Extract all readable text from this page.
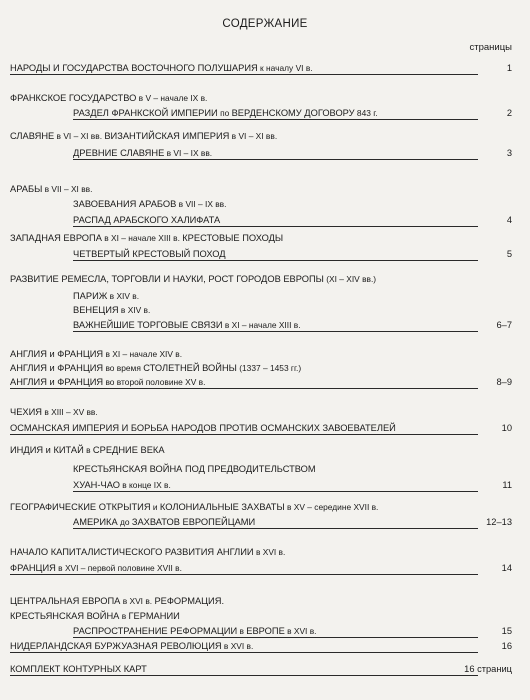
СОДЕРЖАНИЕ
страницы
НАРОДЫ И ГОСУДАРСТВА ВОСТОЧНОГО ПОЛУШАРИЯ к началу VI в.	1
ФРАНКСКОЕ ГОСУДАРСТВО в V – начале IX в.
РАЗДЕЛ ФРАНКСКОЙ ИМПЕРИИ по ВЕРДЕНСКОМУ ДОГОВОРУ 843 г.	2
СЛАВЯНЕ в VI – XI вв. ВИЗАНТИЙСКАЯ ИМПЕРИЯ в VI – XI вв.
ДРЕВНИЕ СЛАВЯНЕ в VI – IX вв.	3
АРАБЫ в VII – XI вв.
ЗАВОЕВАНИЯ АРАБОВ в VII – IX вв.
РАСПАД АРАБСКОГО ХАЛИФАТА	4
ЗАПАДНАЯ ЕВРОПА в XI – начале XIII в. КРЕСТОВЫЕ ПОХОДЫ
ЧЕТВЕРТЫЙ КРЕСТОВЫЙ ПОХОД	5
РАЗВИТИЕ РЕМЕСЛА, ТОРГОВЛИ И НАУКИ, РОСТ ГОРОДОВ ЕВРОПЫ (XI – XIV вв.)
ПАРИЖ в XIV в.
ВЕНЕЦИЯ в XIV в.
ВАЖНЕЙШИЕ ТОРГОВЫЕ СВЯЗИ в XI – начале XIII в.	6–7
АНГЛИЯ и ФРАНЦИЯ в XI – начале XIV в.
АНГЛИЯ и ФРАНЦИЯ во время СТОЛЕТНЕЙ ВОЙНЫ (1337 – 1453 гг.)
АНГЛИЯ и ФРАНЦИЯ во второй половине XV в.	8–9
ЧЕХИЯ в XIII – XV вв.
ОСМАНСКАЯ ИМПЕРИЯ И БОРЬБА НАРОДОВ ПРОТИВ ОСМАНСКИХ ЗАВОЕВАТЕЛЕЙ	10
ИНДИЯ и КИТАЙ в СРЕДНИЕ ВЕКА
КРЕСТЬЯНСКАЯ ВОЙНА ПОД ПРЕДВОДИТЕЛЬСТВОМ
ХУАН-ЧАО в конце IX в.	11
ГЕОГРАФИЧЕСКИЕ ОТКРЫТИЯ и КОЛОНИАЛЬНЫЕ ЗАХВАТЫ в XV – середине XVII в.
АМЕРИКА до ЗАХВАТОВ ЕВРОПЕЙЦАМИ	12–13
НАЧАЛО КАПИТАЛИСТИЧЕСКОГО РАЗВИТИЯ АНГЛИИ в XVI в.
ФРАНЦИЯ в XVI – первой половине XVII в.	14
ЦЕНТРАЛЬНАЯ ЕВРОПА в XVI в. РЕФОРМАЦИЯ.
КРЕСТЬЯНСКАЯ ВОЙНА в ГЕРМАНИИ
РАСПРОСТРАНЕНИЕ РЕФОРМАЦИИ в ЕВРОПЕ в XVI в.	15
НИДЕРЛАНДСКАЯ БУРЖУАЗНАЯ РЕВОЛЮЦИЯ в XVI в.	16
КОМПЛЕКТ КОНТУРНЫХ КАРТ	16 страниц
